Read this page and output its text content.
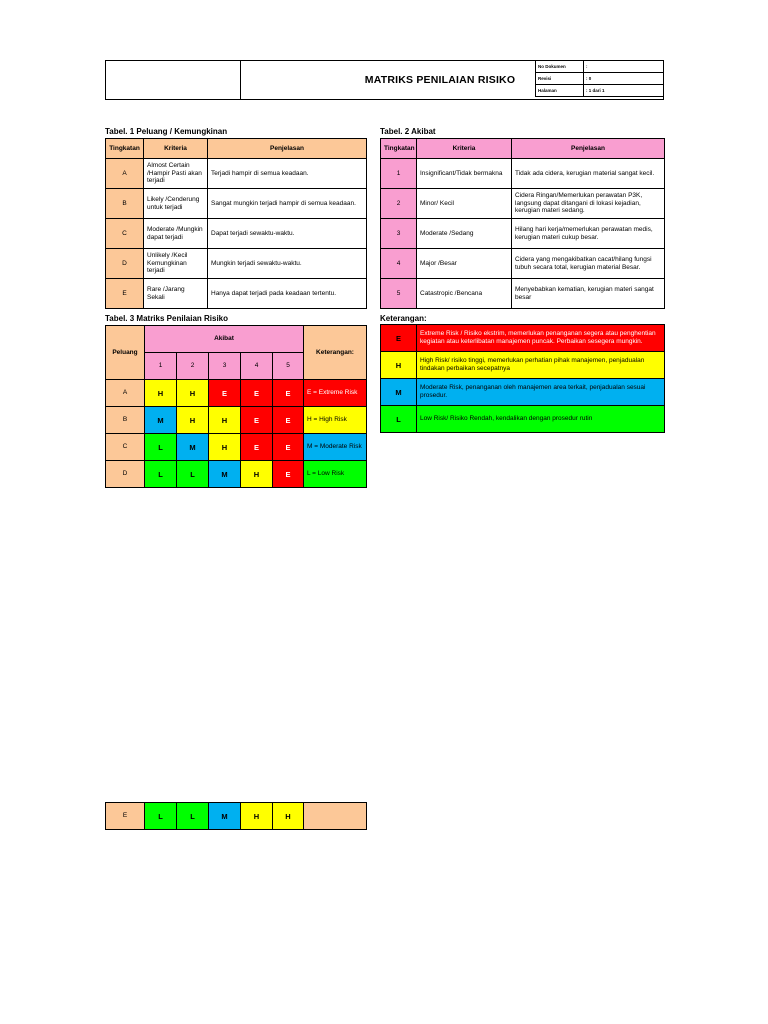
MATRIKS PENILAIAN RISIKO
No Dokumen	:
Revisi	: 0
Halaman	: 1 dari 1
Tabel. 1 Peluang / Kemungkinan
Tingkatan	Kriteria	Penjelasan
A	Almost Certain /Hampir Pasti akan terjadi	Terjadi hampir di semua keadaan.
B	Likely /Cenderung untuk terjadi	Sangat mungkin terjadi hampir di semua keadaan.
C	Moderate /Mungkin dapat terjadi	Dapat terjadi sewaktu-waktu.
D	Unlikely /Kecil Kemungkinan terjadi	Mungkin terjadi sewaktu-waktu.
E	Rare /Jarang Sekali	Hanya dapat terjadi pada keadaan tertentu.
Tabel. 2 Akibat
Tingkatan	Kriteria	Penjelasan
1	Insignificant/Tidak bermakna	Tidak ada cidera, kerugian material sangat kecil.
2	Minor/ Kecil	Cidera Ringan/Memerlukan perawatan P3K, langsung dapat ditangani di lokasi kejadian, kerugian materi sedang.
3	Moderate /Sedang	Hilang hari kerja/memerlukan perawatan medis, kerugian materi cukup besar.
4	Major /Besar	Cidera yang mengakibatkan cacat/hilang fungsi tubuh secara total, kerugian material Besar.
5	Catastropic /Bencana	Menyebabkan kematian, kerugian materi sangat besar
Tabel. 3 Matriks Penilaian Risiko
Peluang	Akibat					Keterangan:
	1	2	3	4	5	
A	H	H	E	E	E	E = Extreme Risk
B	M	H	H	E	E	H = High Risk
C	L	M	H	E	E	M = Moderate Risk
D	L	L	M	H	E	L = Low Risk
E	L	L	M	H	H	
Keterangan:
E	Extreme Risk / Risiko ekstrim, memerlukan penanganan segera atau penghentian kegiatan atau keterlibatan manajemen puncak. Perbaikan sesegera mungkin.
H	High Risk/ risiko tinggi, memerlukan perhatian pihak manajemen, penjadualan tindakan perbaikan secepatnya
M	Moderate Risk, penanganan oleh manajemen area terkait, penjadualan sesuai prosedur.
L	Low Risk/ Risiko Rendah, kendalikan dengan prosedur rutin
